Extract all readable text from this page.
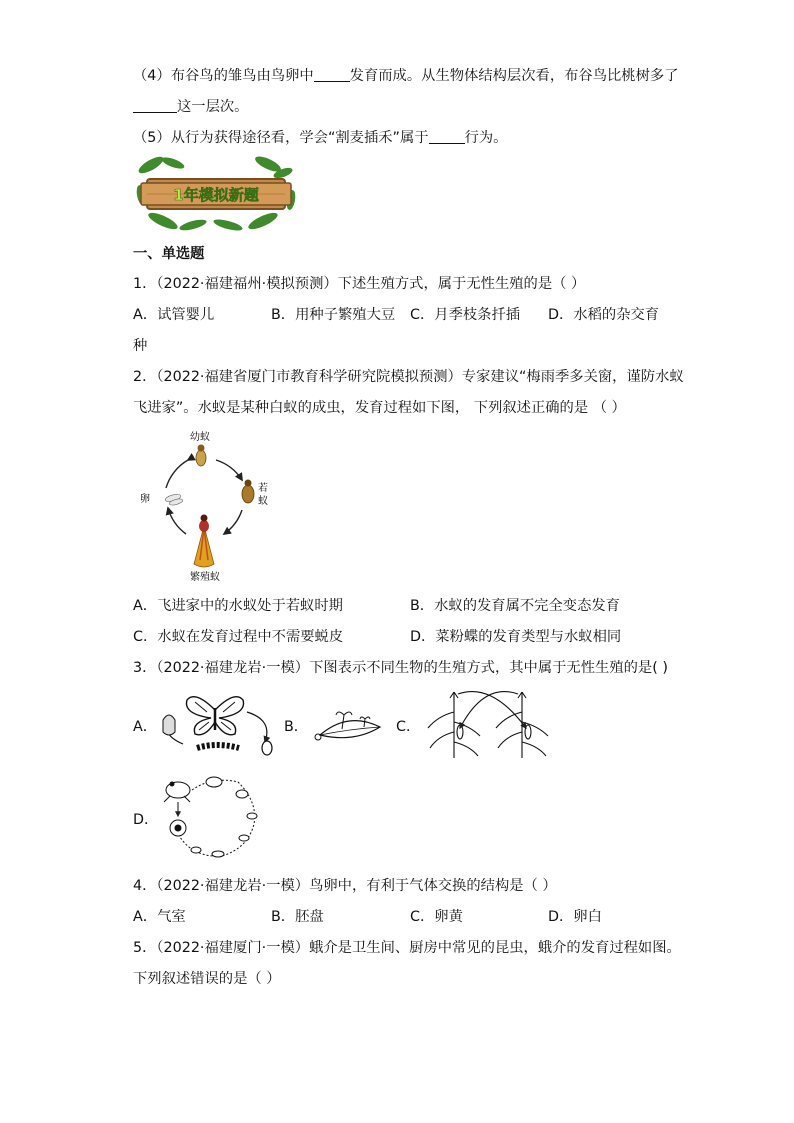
（4）布谷鸟的雏鸟由鸟卵中	发育而成。从生物体结构层次看，布谷鸟比桃树多了
这一层次。
（5）从行为获得途径看，学会“割麦插禾”属于	行为。
1年模拟新题
一、单选题
1．（2022·福建福州·模拟预测）下述生殖方式，属于无性生殖的是（ ）
A．试管婴儿	B．用种子繁殖大豆 C．月季枝条扦插 D．水稻的杂交育
种
2．（2022·福建省厦门市教育科学研究院模拟预测）专家建议“梅雨季多关窗，谨防水蚁
飞进家”。水蚁是某种白蚁的成虫，发育过程如下图， 下列叙述正确的是 （ ）
幼蚁
若
蚁
卵
繁殖蚁
A．飞进家中的水蚁处于若蚁时期	B．水蚁的发育属不完全变态发育
C．水蚁在发育过程中不需要蜕皮	D．菜粉蝶的发育类型与水蚁相同
3．（2022·福建龙岩·一模）下图表示不同生物的生殖方式，其中属于无性生殖的是( )
A．	B．	C．
D．
4．（2022·福建龙岩·一模）鸟卵中，有利于气体交换的结构是（ ）
A．气室	B．胚盘	C．卵黄	D．卵白
5．（2022·福建厦门·一模）蛾介是卫生间、厨房中常见的昆虫，蛾介的发育过程如图。
下列叙述错误的是（ ）
